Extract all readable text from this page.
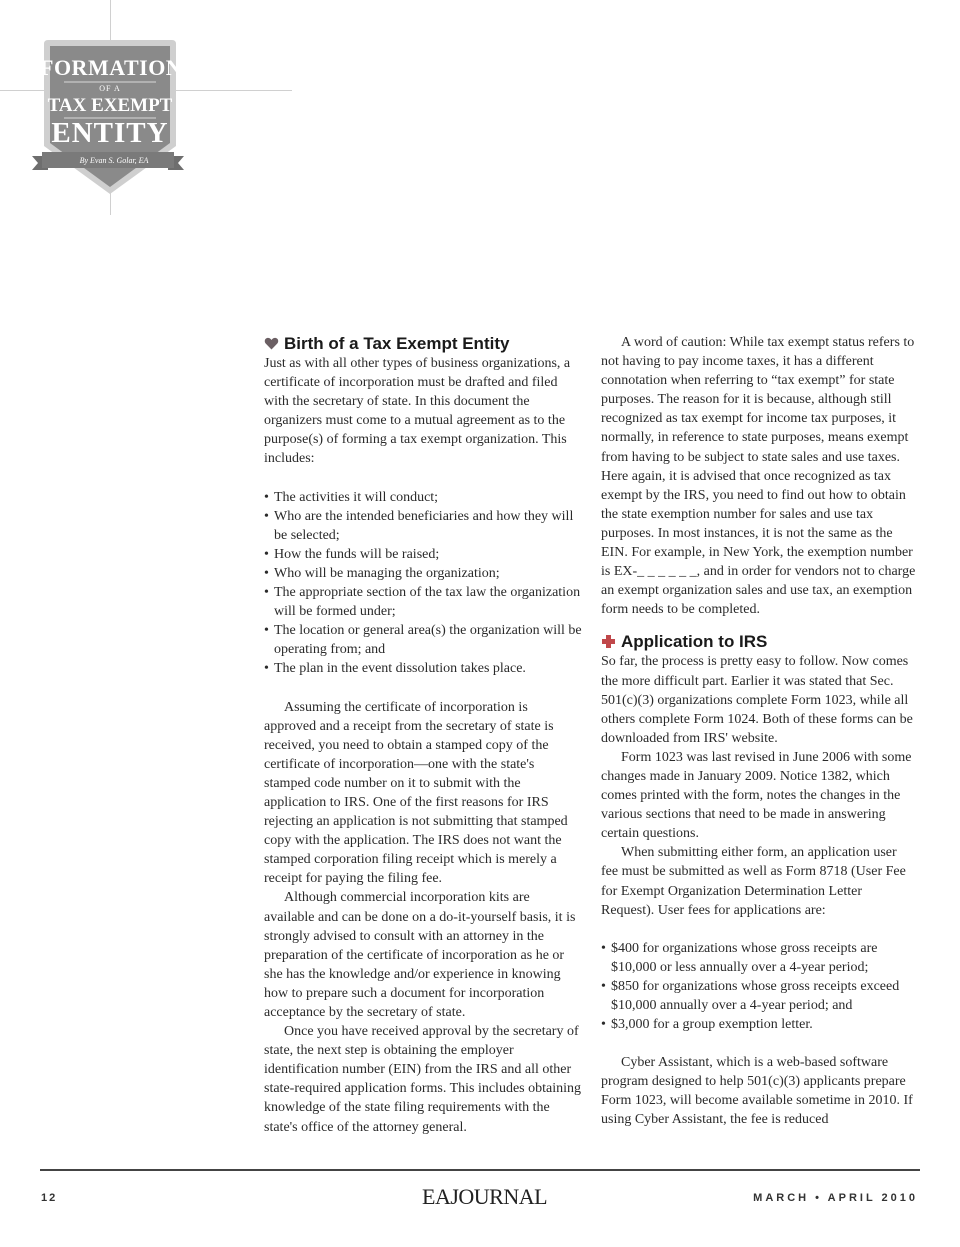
FORMATION
OF A
TAX EXEMPT
ENTITY
By Evan S. Golar, EA
Birth of a Tax Exempt Entity

Just as with all other types of business organizations, a certificate of incorporation must be drafted and filed with the secretary of state. In this document the organizers must come to a mutual agreement as to the purpose(s) of forming a tax exempt organization. This includes:

• The activities it will conduct;
• Who are the intended beneficiaries and how they will be selected;
• How the funds will be raised;
• Who will be managing the organization;
• The appropriate section of the tax law the organization will be formed under;
• The location or general area(s) the organization will be operating from; and
• The plan in the event dissolution takes place.

Assuming the certificate of incorporation is approved and a receipt from the secretary of state is received, you need to obtain a stamped copy of the certificate of incorporation—one with the state's stamped code number on it to submit with the application to IRS. One of the first reasons for IRS rejecting an application is not submitting that stamped copy with the application. The IRS does not want the stamped corporation filing receipt which is merely a receipt for paying the filing fee.

Although commercial incorporation kits are available and can be done on a do-it-yourself basis, it is strongly advised to consult with an attorney in the preparation of the certificate of incorporation as he or she has the knowledge and/or experience in knowing how to prepare such a document for incorporation acceptance by the secretary of state.

Once you have received approval by the secretary of state, the next step is obtaining the employer identification number (EIN) from the IRS and all other state-required application forms. This includes obtaining knowledge of the state filing requirements with the state's office of the attorney general.

A word of caution: While tax exempt status refers to not having to pay income taxes, it has a different connotation when referring to “tax exempt” for state purposes. The reason for it is because, although still recognized as tax exempt for income tax purposes, it normally, in reference to state purposes, means exempt from having to be subject to state sales and use taxes. Here again, it is advised that once recognized as tax exempt by the IRS, you need to find out how to obtain the state exemption number for sales and use tax purposes. In most instances, it is not the same as the EIN. For example, in New York, the exemption number is EX-_ _ _ _ _ _, and in order for vendors not to charge an exempt organization sales and use tax, an exemption form needs to be completed.

Application to IRS

So far, the process is pretty easy to follow. Now comes the more difficult part. Earlier it was stated that Sec. 501(c)(3) organizations complete Form 1023, while all others complete Form 1024. Both of these forms can be downloaded from IRS' website.

Form 1023 was last revised in June 2006 with some changes made in January 2009. Notice 1382, which comes printed with the form, notes the changes in the various sections that need to be made in answering certain questions.

When submitting either form, an application user fee must be submitted as well as Form 8718 (User Fee for Exempt Organization Determination Letter Request). User fees for applications are:

• $400 for organizations whose gross receipts are $10,000 or less annually over a 4-year period;
• $850 for organizations whose gross receipts exceed $10,000 annually over a 4-year period; and
• $3,000 for a group exemption letter.

Cyber Assistant, which is a web-based software program designed to help 501(c)(3) applicants prepare Form 1023, will become available sometime in 2010. If using Cyber Assistant, the fee is reduced

12	EAJOURNAL	MARCH • APRIL 2010
